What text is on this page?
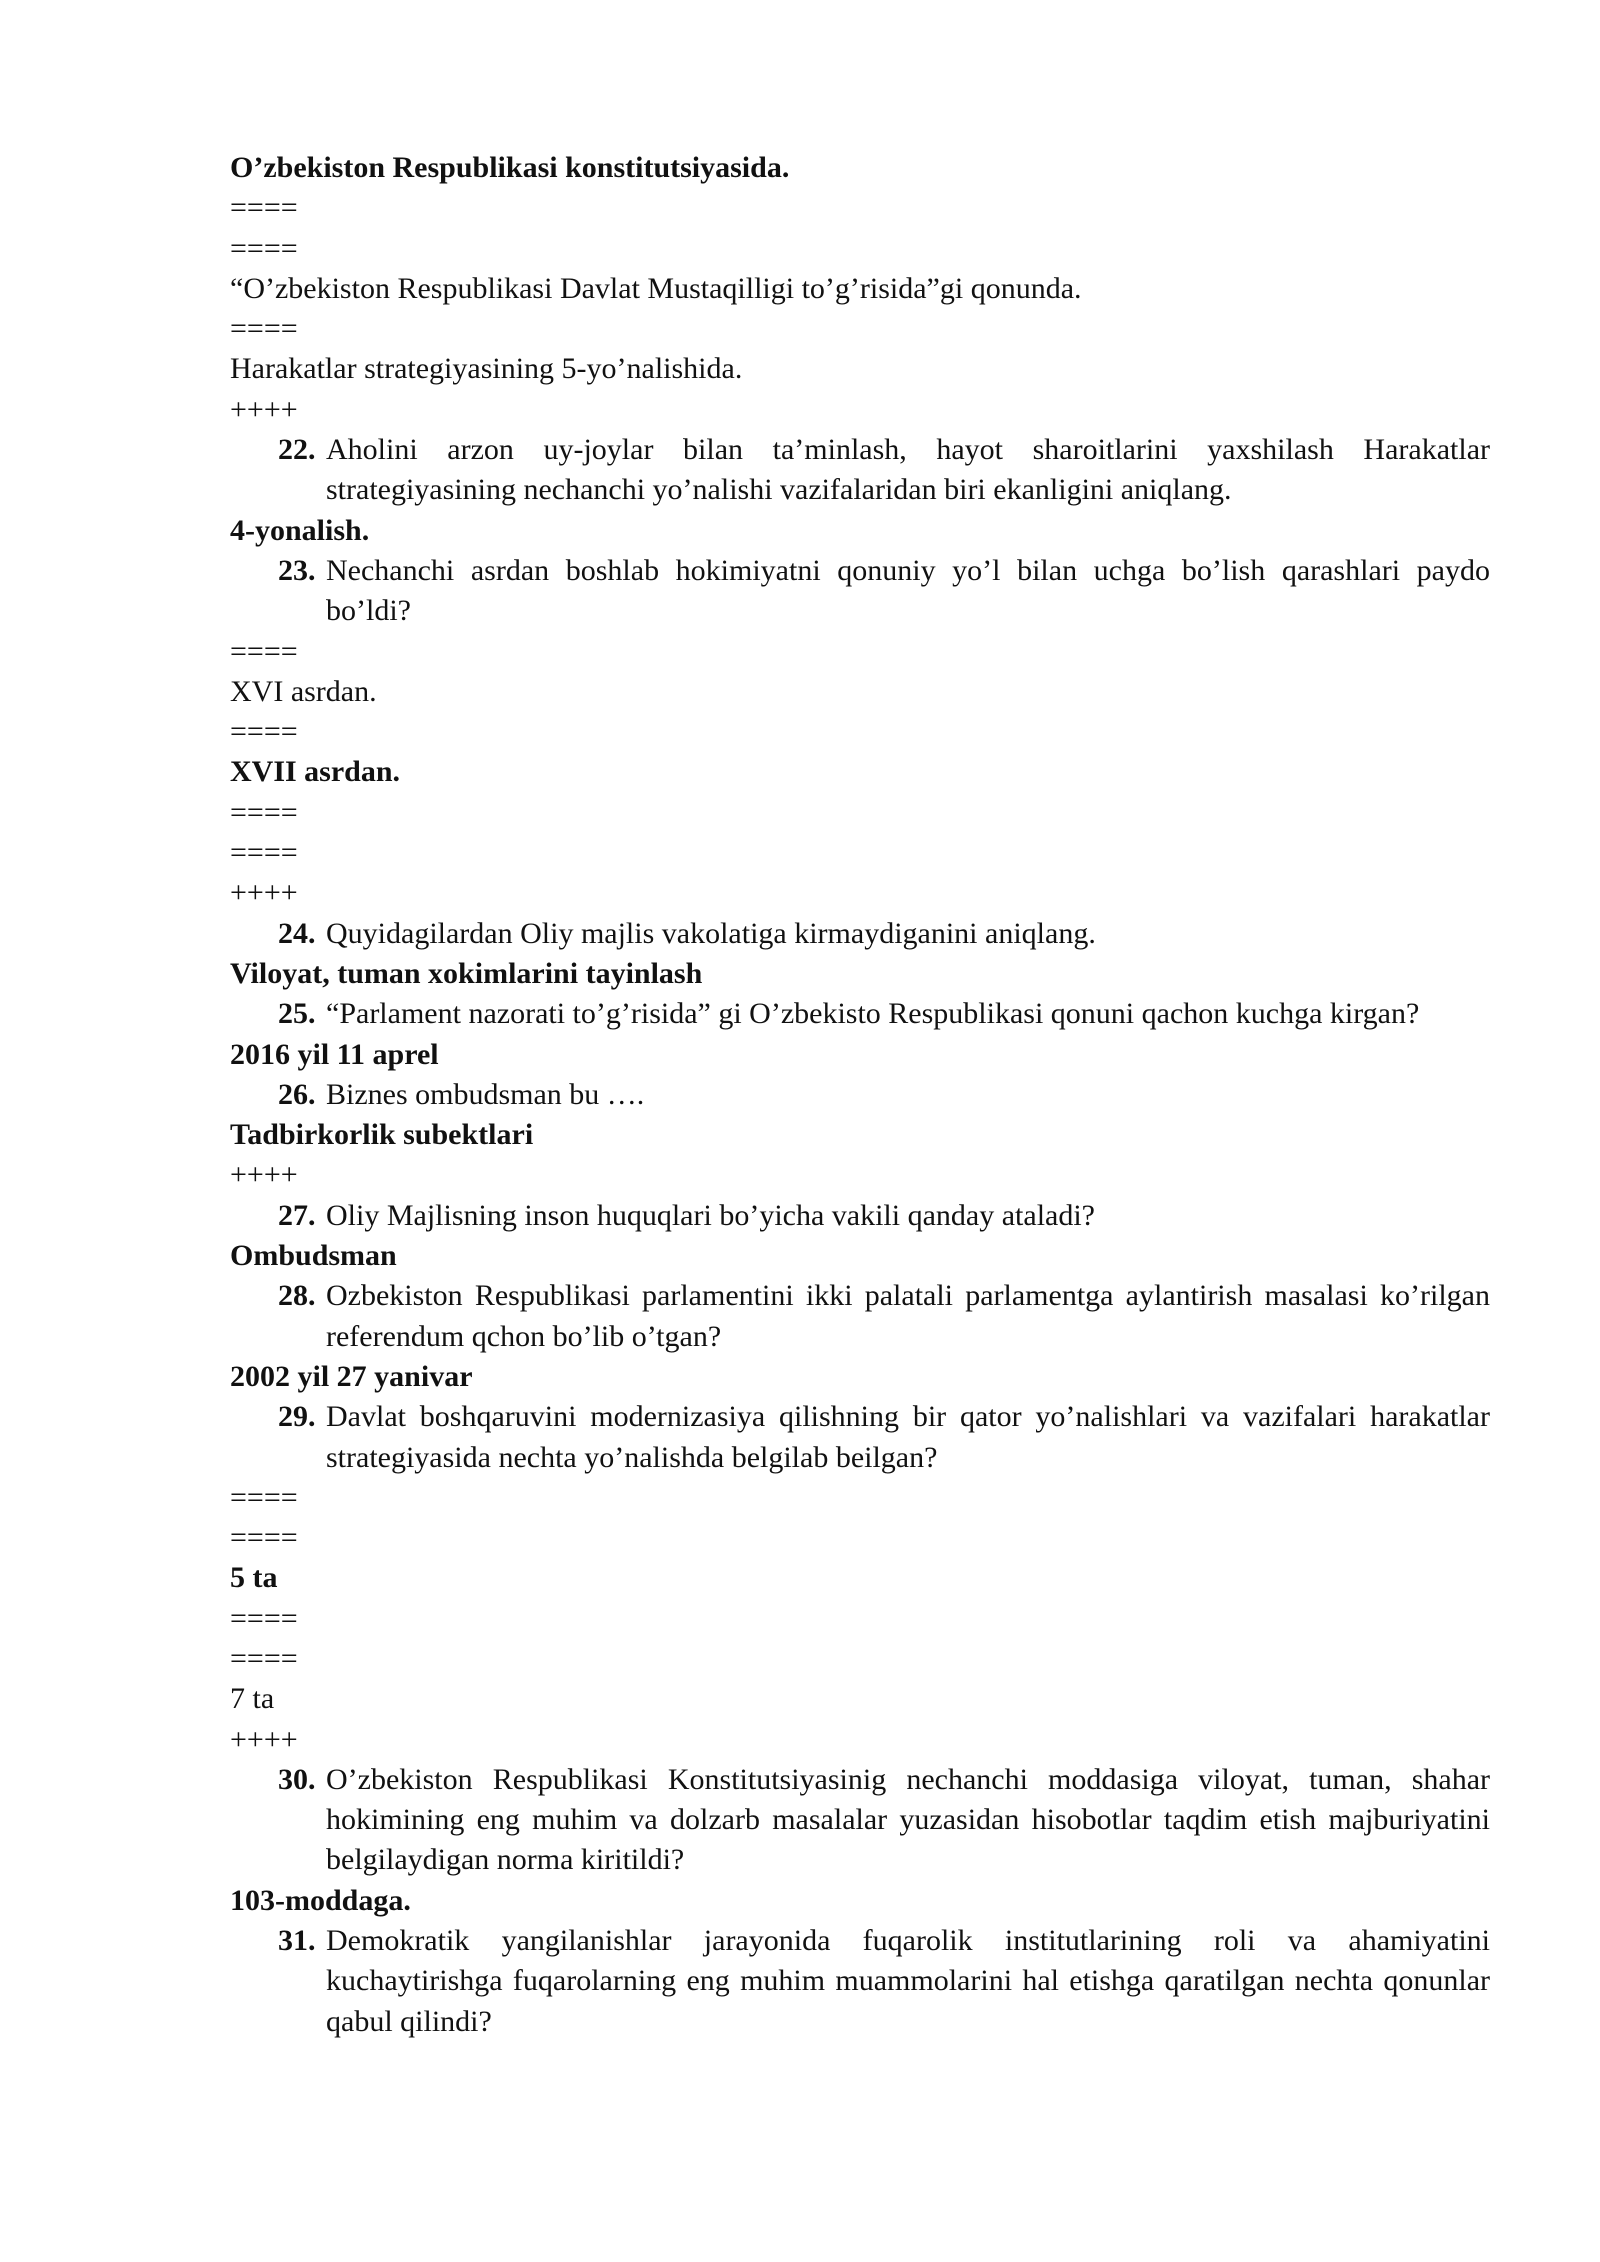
O’zbekiston Respublikasi konstitutsiyasida.
====
====
“O’zbekiston Respublikasi Davlat Mustaqilligi to’g’risida”gi qonunda.
====
Harakatlar strategiyasining 5-yo’nalishida.
++++
22. Aholini arzon uy-joylar bilan ta’minlash, hayot sharoitlarini yaxshilash Harakatlar strategiyasining nechanchi yo’nalishi vazifalaridan biri ekanligini aniqlang.
4-yonalish.
23. Nechanchi asrdan boshlab hokimiyatni qonuniy yo’l bilan uchga bo’lish qarashlari paydo bo’ldi?
====
XVI asrdan.
====
XVII asrdan.
====
====
++++
24. Quyidagilardan Oliy majlis vakolatiga kirmaydiganini aniqlang.
Viloyat, tuman xokimlarini tayinlash
25. “Parlament nazorati to’g’risida” gi O’zbekisto Respublikasi qonuni qachon kuchga kirgan?
2016 yil 11 aprel
26. Biznes ombudsman bu ….
Tadbirkorlik subektlari
++++
27. Oliy Majlisning inson huquqlari bo’yicha vakili qanday ataladi?
Ombudsman
28. Ozbekiston Respublikasi parlamentini ikki palatali parlamentga aylantirish masalasi ko’rilgan referendum qchon bo’lib o’tgan?
2002 yil 27 yanivar
29. Davlat boshqaruvini modernizasiya qilishning bir qator yo’nalishlari va vazifalari harakatlar strategiyasida nechta yo’nalishda belgilab beilgan?
====
====
5 ta
====
====
7 ta
++++
30. O’zbekiston Respublikasi Konstitutsiyasinig nechanchi moddasiga viloyat, tuman, shahar hokimining eng muhim va dolzarb masalalar yuzasidan hisobotlar taqdim etish majburiyatini belgilaydigan norma kiritildi?
103-moddaga.
31. Demokratik yangilanishlar jarayonida fuqarolik institutlarining roli va ahamiyatini kuchaytirishga fuqarolarning eng muhim muammolarini hal etishga qaratilgan nechta qonunlar qabul qilindi?
